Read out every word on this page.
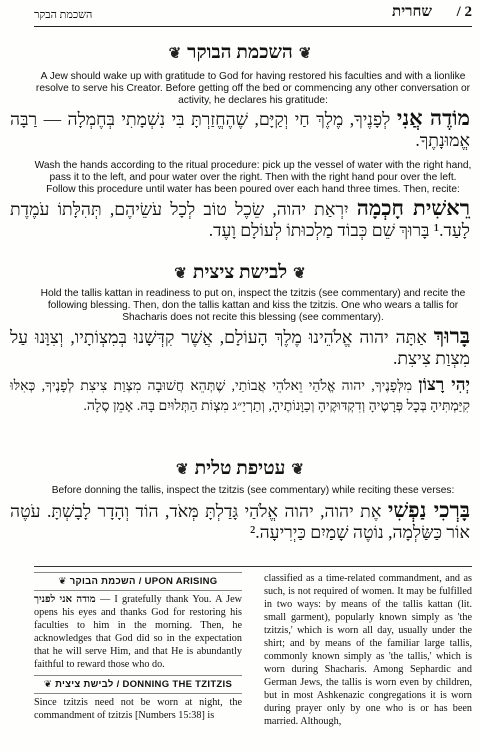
2 /
שחרית
השכמת הבקר
❦השכמת הבוקר❦
A Jew should wake up with gratitude to God for having restored his faculties and with a lionlike resolve to serve his Creator. Before getting off the bed or commencing any other conversation or activity, he declares his gratitude:
מוֹדֶה אֲנִי לְפָנֶיךָ, מֶלֶךְ חַי וְקַיָּם, שֶׁהֶחֱזַרְתָּ בִּי נִשְׁמָתִי בְּחֶמְלָה — רַבָּה אֱמוּנָתֶךָ.
Wash the hands according to the ritual procedure: pick up the vessel of water with the right hand, pass it to the left, and pour water over the right. Then with the right hand pour over the left. Follow this procedure until water has been poured over each hand three times. Then, recite:
רֵאשִׁית חָכְמָה יִרְאַת יהוה, שֵׂכֶל טוֹב לְכָל עֹשֵׂיהֶם, תְּהִלָּתוֹ עֹמֶדֶת לָעַד.¹ בָּרוּךְ שֵׁם כְּבוֹד מַלְכוּתוֹ לְעוֹלָם וָעֶד.
❦לבישת ציצית❦
Hold the tallis kattan in readiness to put on, inspect the tzitzis (see commentary) and recite the following blessing. Then, don the tallis kattan and kiss the tzitzis. One who wears a tallis for Shacharis does not recite this blessing (see commentary).
בָּרוּךְ אַתָּה יהוה אֱלֹהֵינוּ מֶלֶךְ הָעוֹלָם, אֲשֶׁר קִדְּשָׁנוּ בְּמִצְוֹתָיו, וְצִוָּנוּ עַל מִצְוַת צִיצִת.
יְהִי רָצוֹן מִלְּפָנֶיךָ, יהוה אֱלֹהַי וֵאלֹהֵי אֲבוֹתַי, שֶׁתְּהֵא חֲשׁוּבָה מִצְוַת צִיצִת לְפָנֶיךָ, כְּאִלּוּ קִיַּמְתִּיהָ בְּכָל פְּרָטֶיהָ וְדִקְדּוּקֶיהָ וְכַוָּנוֹתֶיהָ, וְתַרְיַ״ג מִצְוֹת הַתְּלוּיִם בָּהּ. אָמֵן סֶלָה.
❦עטיפת טלית❦
Before donning the tallis, inspect the tzitzis (see commentary) while reciting these verses:
בָּרְכִי נַפְשִׁי אֶת יהוה, יהוה אֱלֹהַי גָּדַלְתָּ מְּאֹד, הוֹד וְהָדָר לָבָשְׁתָּ. עֹטֶה אוֹר כַּשַּׂלְמָה, נוֹטֶה שָׁמַיִם כַּיְרִיעָה.²
❦ השכמת הבוקר / UPON ARISING
מודה אני לפניך — I gratefully thank You. A Jew opens his eyes and thanks God for restoring his faculties to him in the morning. Then, he acknowledges that God did so in the expectation that he will serve Him, and that He is abundantly faithful to reward those who do.
❦ לבישת ציצית / DONNING THE TZITZIS
Since tzitzis need not be worn at night, the commandment of tzitzis [Numbers 15:38] is
classified as a time-related commandment, and as such, is not required of women. It may be fulfilled in two ways: by means of the tallis kattan (lit. small garment), popularly known simply as 'the tzitzis,' which is worn all day, usually under the shirt; and by means of the familiar large tallis, commonly known simply as 'the tallis,' which is worn during Shacharis. Among Sephardic and German Jews, the tallis is worn even by children, but in most Ashkenazic congregations it is worn during prayer only by one who is or has been married. Although,
